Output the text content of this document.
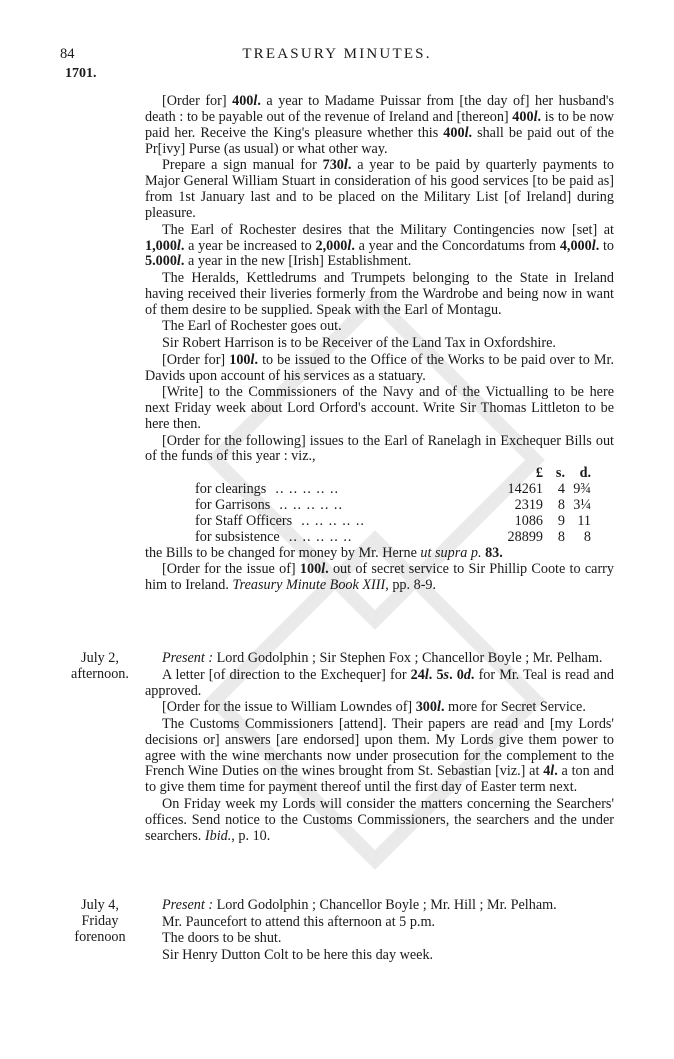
84	TREASURY MINUTES.
1701.

[Order for] 400l. a year to Madame Puissar from [the day of] her husband's death : to be payable out of the revenue of Ireland and [thereon] 400l. is to be now paid her. Receive the King's pleasure whether this 400l. shall be paid out of the Pr[ivy] Purse (as usual) or what other way.

Prepare a sign manual for 730l. a year to be paid by quarterly payments to Major General William Stuart in consideration of his good services [to be paid as] from 1st January last and to be placed on the Military List [of Ireland] during pleasure.

The Earl of Rochester desires that the Military Contingencies now [set] at 1,000l. a year be increased to 2,000l. a year and the Concordatums from 4,000l. to 5.000l. a year in the new [Irish] Establishment.

The Heralds, Kettledrums and Trumpets belonging to the State in Ireland having received their liveries formerly from the Wardrobe and being now in want of them desire to be supplied. Speak with the Earl of Montagu.

The Earl of Rochester goes out.

Sir Robert Harrison is to be Receiver of the Land Tax in Oxfordshire.

[Order for] 100l. to be issued to the Office of the Works to be paid over to Mr. Davids upon account of his services as a statuary.

[Write] to the Commissioners of the Navy and of the Victualling to be here next Friday week about Lord Orford's account. Write Sir Thomas Littleton to be here then.

[Order for the following] issues to the Earl of Ranelagh in Exchequer Bills out of the funds of this year : viz.,

	£	s.	d.
for clearings  .. .. .. .. ..	14261	4	9¾
for Garrisons  .. .. .. .. ..	2319	8	3¼
for Staff Officers  .. .. .. .. ..	1086	9	11
for subsistence  .. .. .. .. ..	28899	8	8

the Bills to be changed for money by Mr. Herne ut supra p. 83.

[Order for the issue of] 100l. out of secret service to Sir Phillip Coote to carry him to Ireland. Treasury Minute Book XIII, pp. 8-9.

July 2,
afternoon.

Present : Lord Godolphin ; Sir Stephen Fox ; Chancellor Boyle ; Mr. Pelham.

A letter [of direction to the Exchequer] for 24l. 5s. 0d. for Mr. Teal is read and approved.

[Order for the issue to William Lowndes of] 300l. more for Secret Service.

The Customs Commissioners [attend]. Their papers are read and [my Lords' decisions or] answers [are endorsed] upon them. My Lords give them power to agree with the wine merchants now under prosecution for the complement to the French Wine Duties on the wines brought from St. Sebastian [viz.] at 4l. a ton and to give them time for payment thereof until the first day of Easter term next.

On Friday week my Lords will consider the matters concerning the Searchers' offices. Send notice to the Customs Commissioners, the searchers and the under searchers. Ibid., p. 10.

July 4,
Friday
forenoon

Present : Lord Godolphin ; Chancellor Boyle ; Mr. Hill ; Mr. Pelham.

Mr. Pauncefort to attend this afternoon at 5 p.m.

The doors to be shut.

Sir Henry Dutton Colt to be here this day week.
